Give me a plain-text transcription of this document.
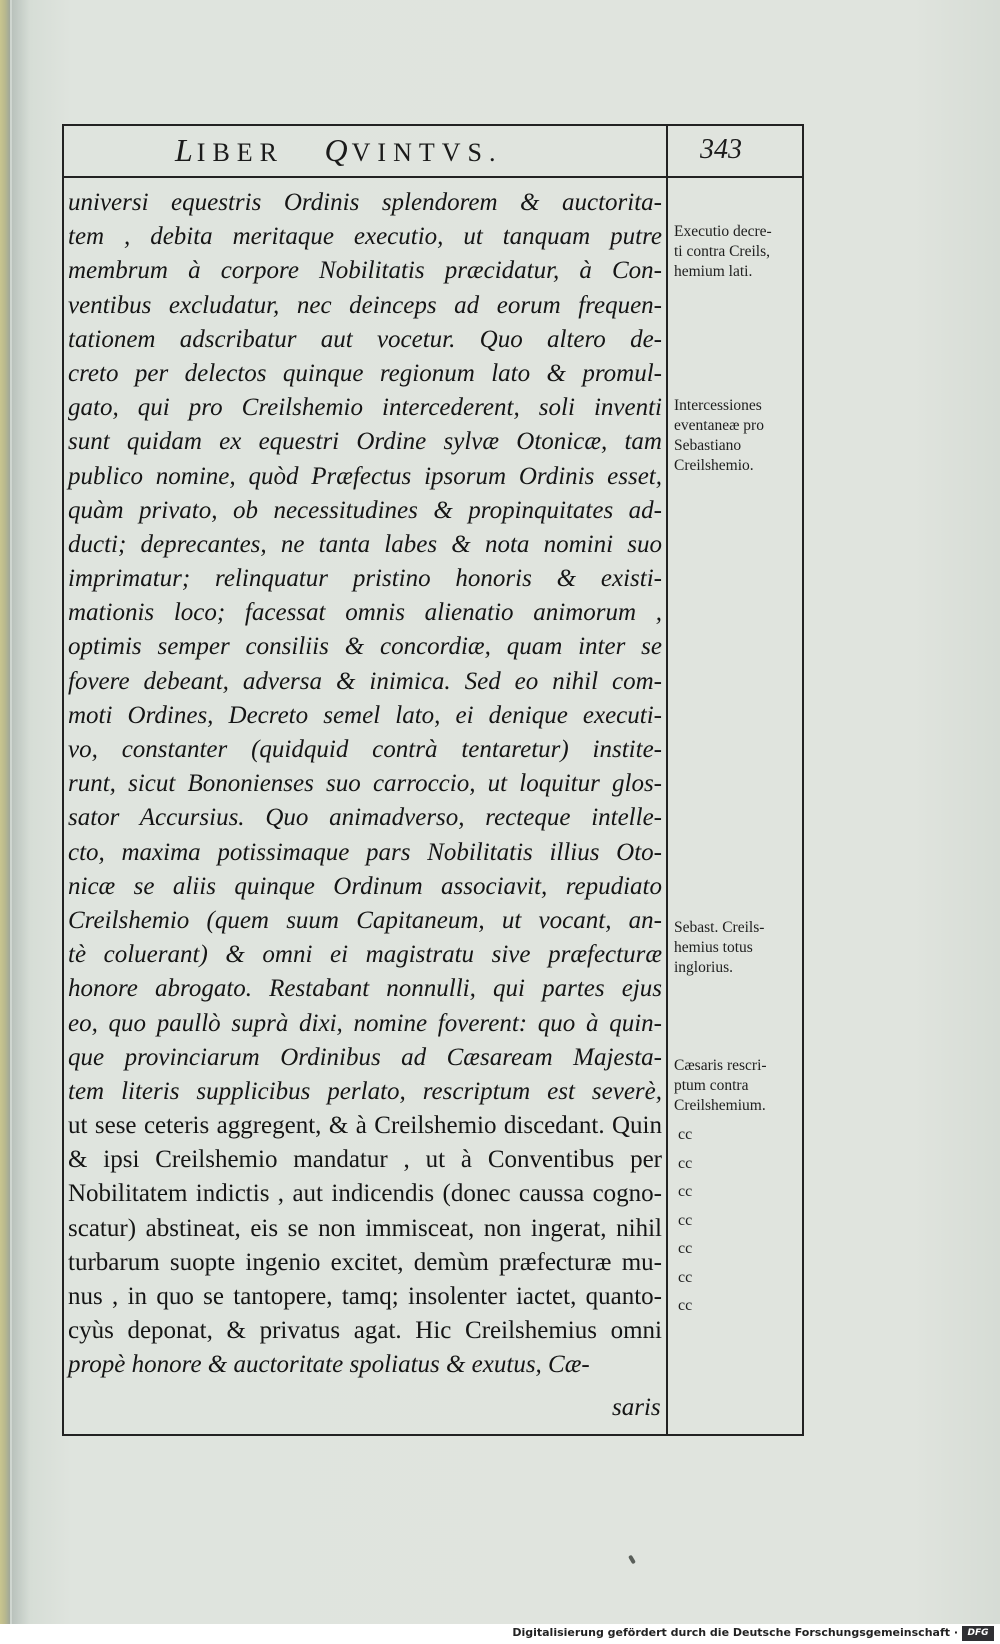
LIBER QVINTVS.	343
universi equestris Ordinis splendorem & auctorita-
tem , debita meritaque executio, ut tanquam putre
membrum à corpore Nobilitatis præcidatur, à Con-
ventibus excludatur, nec deinceps ad eorum frequen-
tationem adscribatur aut vocetur. Quo altero de-
creto per delectos quinque regionum lato & promul-
gato, qui pro Creilshemio intercederent, soli inventi
sunt quidam ex equestri Ordine sylvæ Otonicæ, tam
publico nomine, quòd Præfectus ipsorum Ordinis esset,
quàm privato, ob necessitudines & propinquitates ad-
ducti; deprecantes, ne tanta labes & nota nomini suo
imprimatur; relinquatur pristino honoris & existi-
mationis loco; facessat omnis alienatio animorum ,
optimis semper consiliis & concordiæ, quam inter se
fovere debeant, adversa & inimica. Sed eo nihil com-
moti Ordines, Decreto semel lato, ei denique executi-
vo, constanter (quidquid contrà tentaretur) institе-
runt, sicut Bononienses suo carroccio, ut loquitur glos-
sator Accursius. Quo animadverso, recteque intelle-
cto, maxima potissimaque pars Nobilitatis illius Oto-
nicæ se aliis quinque Ordinum associavit, repudiato
Creilshemio (quem suum Capitaneum, ut vocant, an-
tè coluerant) & omni ei magistratu sive præfecturæ
honore abrogato. Restabant nonnulli, qui partes ejus
eo, quo paullò suprà dixi, nomine foverent: quo à quin-
que provinciarum Ordinibus ad Cæsaream Majesta-
tem literis supplicibus perlato, rescriptum est severè,
ut sese ceteris aggregent, & à Creilshemio discedant. Quin
& ipsi Creilshemio mandatur , ut à Conventibus per
Nobilitatem indictis , aut indicendis (donec caussa cogno-
scatur) abstineat, eis se non immisceat, non ingerat, nihil
turbarum suopte ingenio excitet, demùm præfecturæ mu-
nus , in quo se tantopere, tamq; insolenter iactet, quanto-
cyùs deponat, & privatus agat. Hic Creilshemius omni
propè honore & auctoritate spoliatus & exutus, Cæ-
saris
Executio decre-
ti contra Creils,
hemium lati.
Intercessiones
eventaneæ pro
Sebastiano
Creilshemio.
Sebast. Creils-
hemius totus
inglorius.
Cæsaris rescri-
ptum contra
Creilshemium.
cc
cc
cc
cc
cc
cc
cc
Digitalisierung gefördert durch die Deutsche Forschungsgemeinschaft ·	DFG
